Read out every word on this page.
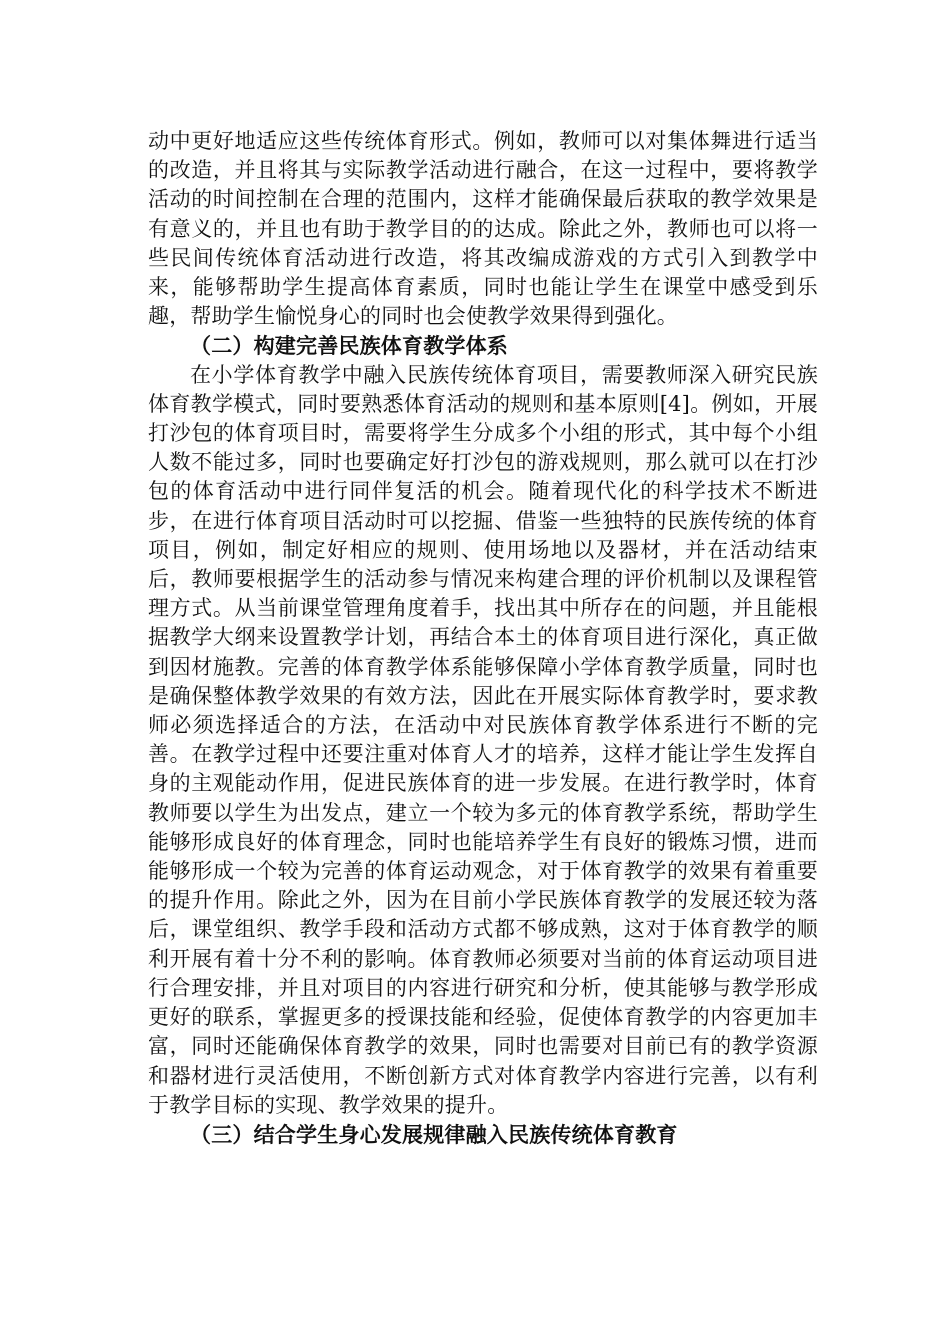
动中更好地适应这些传统体育形式。例如，教师可以对集体舞进行适当的改造，并且将其与实际教学活动进行融合，在这一过程中，要将教学活动的时间控制在合理的范围内，这样才能确保最后获取的教学效果是有意义的，并且也有助于教学目的的达成。除此之外，教师也可以将一些民间传统体育活动进行改造，将其改编成游戏的方式引入到教学中来，能够帮助学生提高体育素质，同时也能让学生在课堂中感受到乐趣，帮助学生愉悦身心的同时也会使教学效果得到强化。

（二）构建完善民族体育教学体系

在小学体育教学中融入民族传统体育项目，需要教师深入研究民族体育教学模式，同时要熟悉体育活动的规则和基本原则[4]。例如，开展打沙包的体育项目时，需要将学生分成多个小组的形式，其中每个小组人数不能过多，同时也要确定好打沙包的游戏规则，那么就可以在打沙包的体育活动中进行同伴复活的机会。随着现代化的科学技术不断进步，在进行体育项目活动时可以挖掘、借鉴一些独特的民族传统的体育项目，例如，制定好相应的规则、使用场地以及器材，并在活动结束后，教师要根据学生的活动参与情况来构建合理的评价机制以及课程管理方式。从当前课堂管理角度着手，找出其中所存在的问题，并且能根据教学大纲来设置教学计划，再结合本土的体育项目进行深化，真正做到因材施教。完善的体育教学体系能够保障小学体育教学质量，同时也是确保整体教学效果的有效方法，因此在开展实际体育教学时，要求教师必须选择适合的方法，在活动中对民族体育教学体系进行不断的完善。在教学过程中还要注重对体育人才的培养，这样才能让学生发挥自身的主观能动作用，促进民族体育的进一步发展。在进行教学时，体育教师要以学生为出发点，建立一个较为多元的体育教学系统，帮助学生能够形成良好的体育理念，同时也能培养学生有良好的锻炼习惯，进而能够形成一个较为完善的体育运动观念，对于体育教学的效果有着重要的提升作用。除此之外，因为在目前小学民族体育教学的发展还较为落后，课堂组织、教学手段和活动方式都不够成熟，这对于体育教学的顺利开展有着十分不利的影响。体育教师必须要对当前的体育运动项目进行合理安排，并且对项目的内容进行研究和分析，使其能够与教学形成更好的联系，掌握更多的授课技能和经验，促使体育教学的内容更加丰富，同时还能确保体育教学的效果，同时也需要对目前已有的教学资源和器材进行灵活使用，不断创新方式对体育教学内容进行完善，以有利于教学目标的实现、教学效果的提升。

（三）结合学生身心发展规律融入民族传统体育教育
